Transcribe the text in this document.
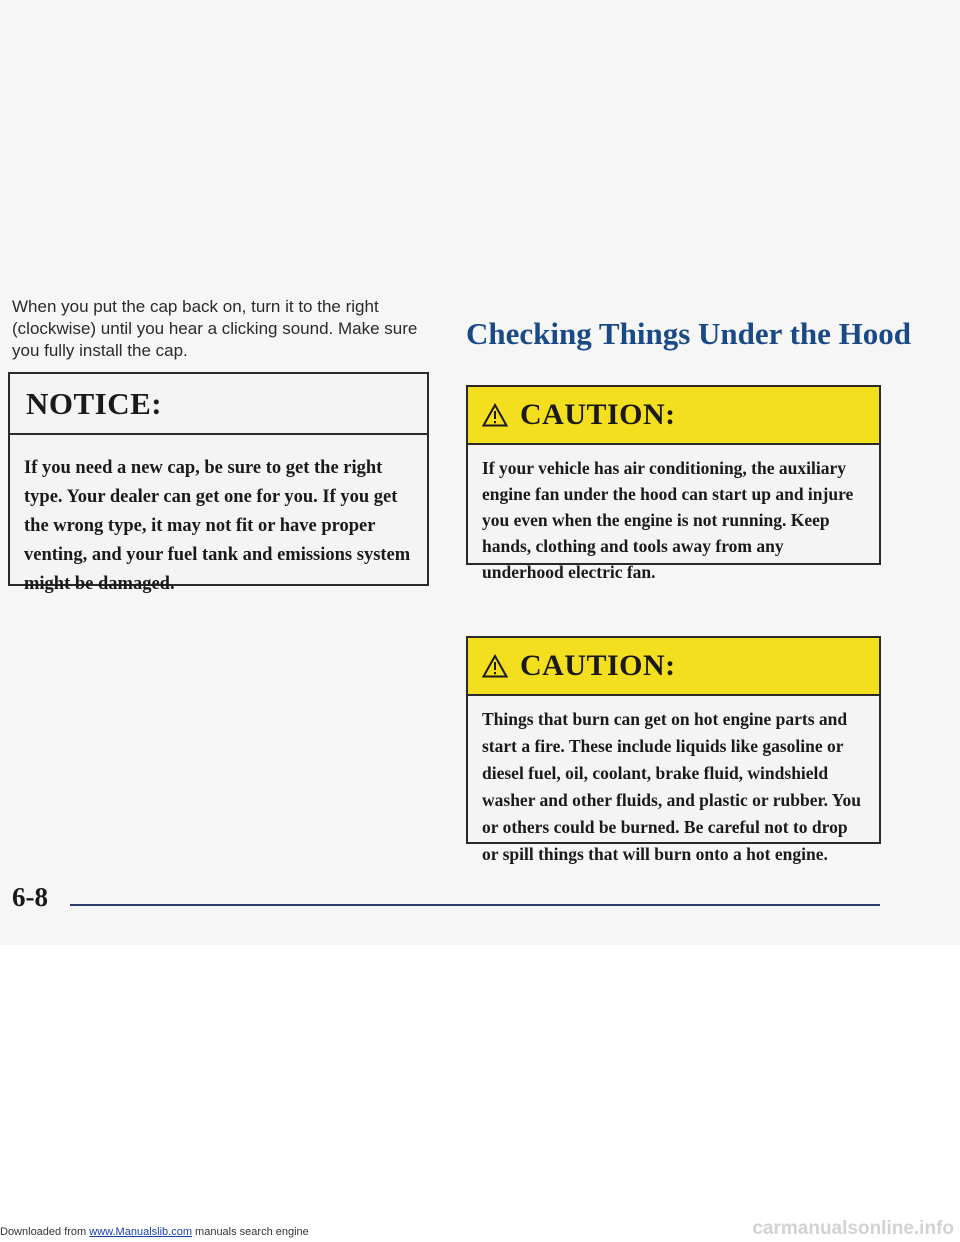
When you put the cap back on, turn it to the right (clockwise) until you hear a clicking sound. Make sure you fully install the cap.

NOTICE:

If you need a new cap, be sure to get the right type. Your dealer can get one for you. If you get the wrong type, it may not fit or have proper venting, and your fuel tank and emissions system might be damaged.

Checking Things Under the Hood
CAUTION:

If your vehicle has air conditioning, the auxiliary engine fan under the hood can start up and injure you even when the engine is not running. Keep hands, clothing and tools away from any underhood electric fan.

CAUTION:

Things that burn can get on hot engine parts and start a fire. These include liquids like gasoline or diesel fuel, oil, coolant, brake fluid, windshield washer and other fluids, and plastic or rubber. You or others could be burned. Be careful not to drop or spill things that will burn onto a hot engine.

6-8
Downloaded from www.Manualslib.com manuals search engine	carmanualsonline.info
